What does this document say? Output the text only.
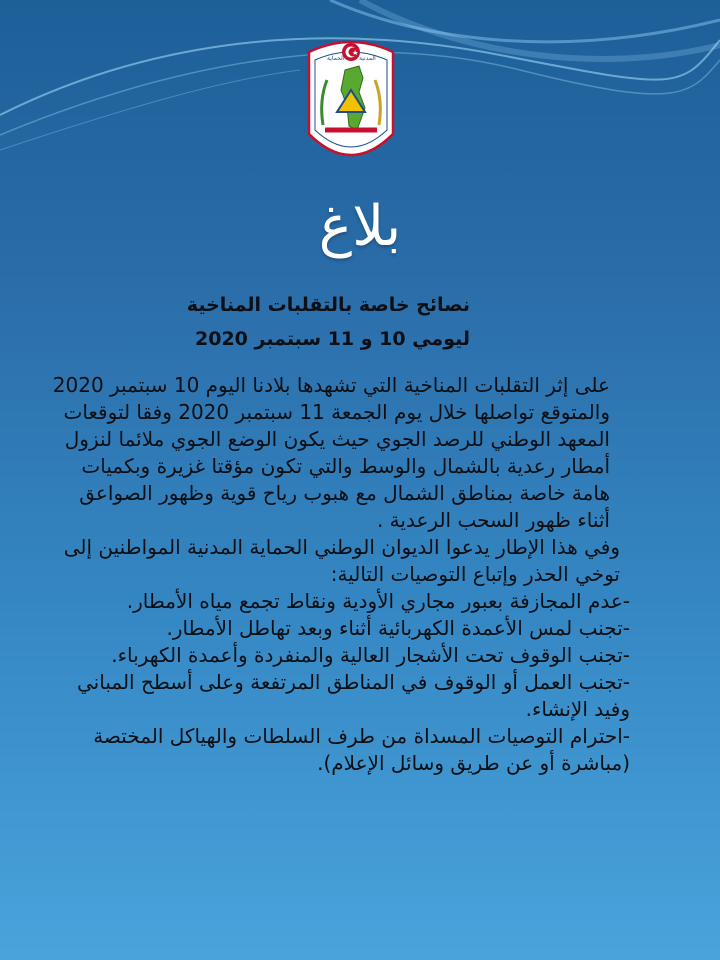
الحماية المدنية
بلاغ
نصائح خاصة بالتقلبات المناخية
ليومي 10 و 11 سبتمبر 2020

على إثر التقلبات المناخية التي تشهدها بلادنا اليوم 10 سبتمبر 2020 والمتوقع تواصلها خلال يوم الجمعة 11 سبتمبر 2020 وفقا لتوقعات المعهد الوطني للرصد الجوي حيث يكون الوضع الجوي ملائما لنزول أمطار رعدية بالشمال والوسط والتي تكون مؤقتا غزيرة وبكميات هامة خاصة بمناطق الشمال مع هبوب رياح قوية وظهور الصواعق أثناء ظهور السحب الرعدية .

وفي هذا الإطار يدعوا الديوان الوطني الحماية المدنية المواطنين إلى توخي الحذر وإتباع التوصيات التالية:

-عدم المجازفة بعبور مجاري الأودية ونقاط تجمع مياه الأمطار.

-تجنب لمس الأعمدة الكهربائية أثناء وبعد تهاطل الأمطار.

-تجنب الوقوف تحت الأشجار العالية والمنفردة وأعمدة الكهرباء.

-تجنب العمل أو الوقوف في المناطق المرتفعة وعلى أسطح المباني وفيد الإنشاء.

-احترام التوصيات المسداة من طرف السلطات والهياكل المختصة (مباشرة أو عن طريق وسائل الإعلام).
